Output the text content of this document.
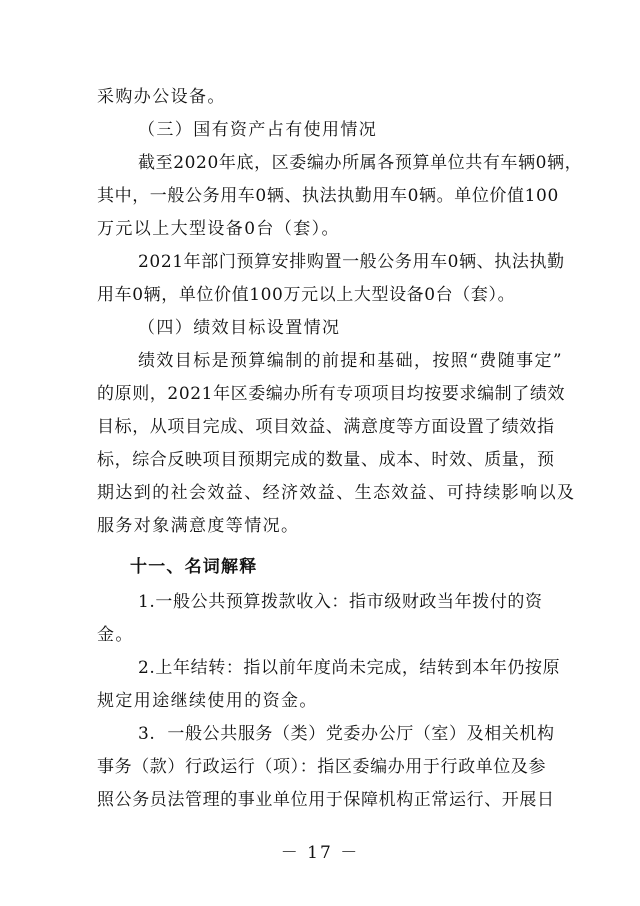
采购办公设备。
（三）国有资产占有使用情况
截至2020年底，区委编办所属各预算单位共有车辆0辆，
其中，一般公务用车0辆、执法执勤用车0辆。单位价值100
万元以上大型设备0台（套）。
2021年部门预算安排购置一般公务用车0辆、执法执勤
用车0辆，单位价值100万元以上大型设备0台（套）。
（四）绩效目标设置情况
绩效目标是预算编制的前提和基础，按照“费随事定”
的原则，2021年区委编办所有专项项目均按要求编制了绩效
目标，从项目完成、项目效益、满意度等方面设置了绩效指
标，综合反映项目预期完成的数量、成本、时效、质量，预
期达到的社会效益、经济效益、生态效益、可持续影响以及
服务对象满意度等情况。
十一、名词解释
1.一般公共预算拨款收入：指市级财政当年拨付的资
金。
2.上年结转：指以前年度尚未完成，结转到本年仍按原
规定用途继续使用的资金。
3.  一般公共服务（类）党委办公厅（室）及相关机构
事务（款）行政运行（项）：指区委编办用于行政单位及参
照公务员法管理的事业单位用于保障机构正常运行、开展日
－ 17 －
